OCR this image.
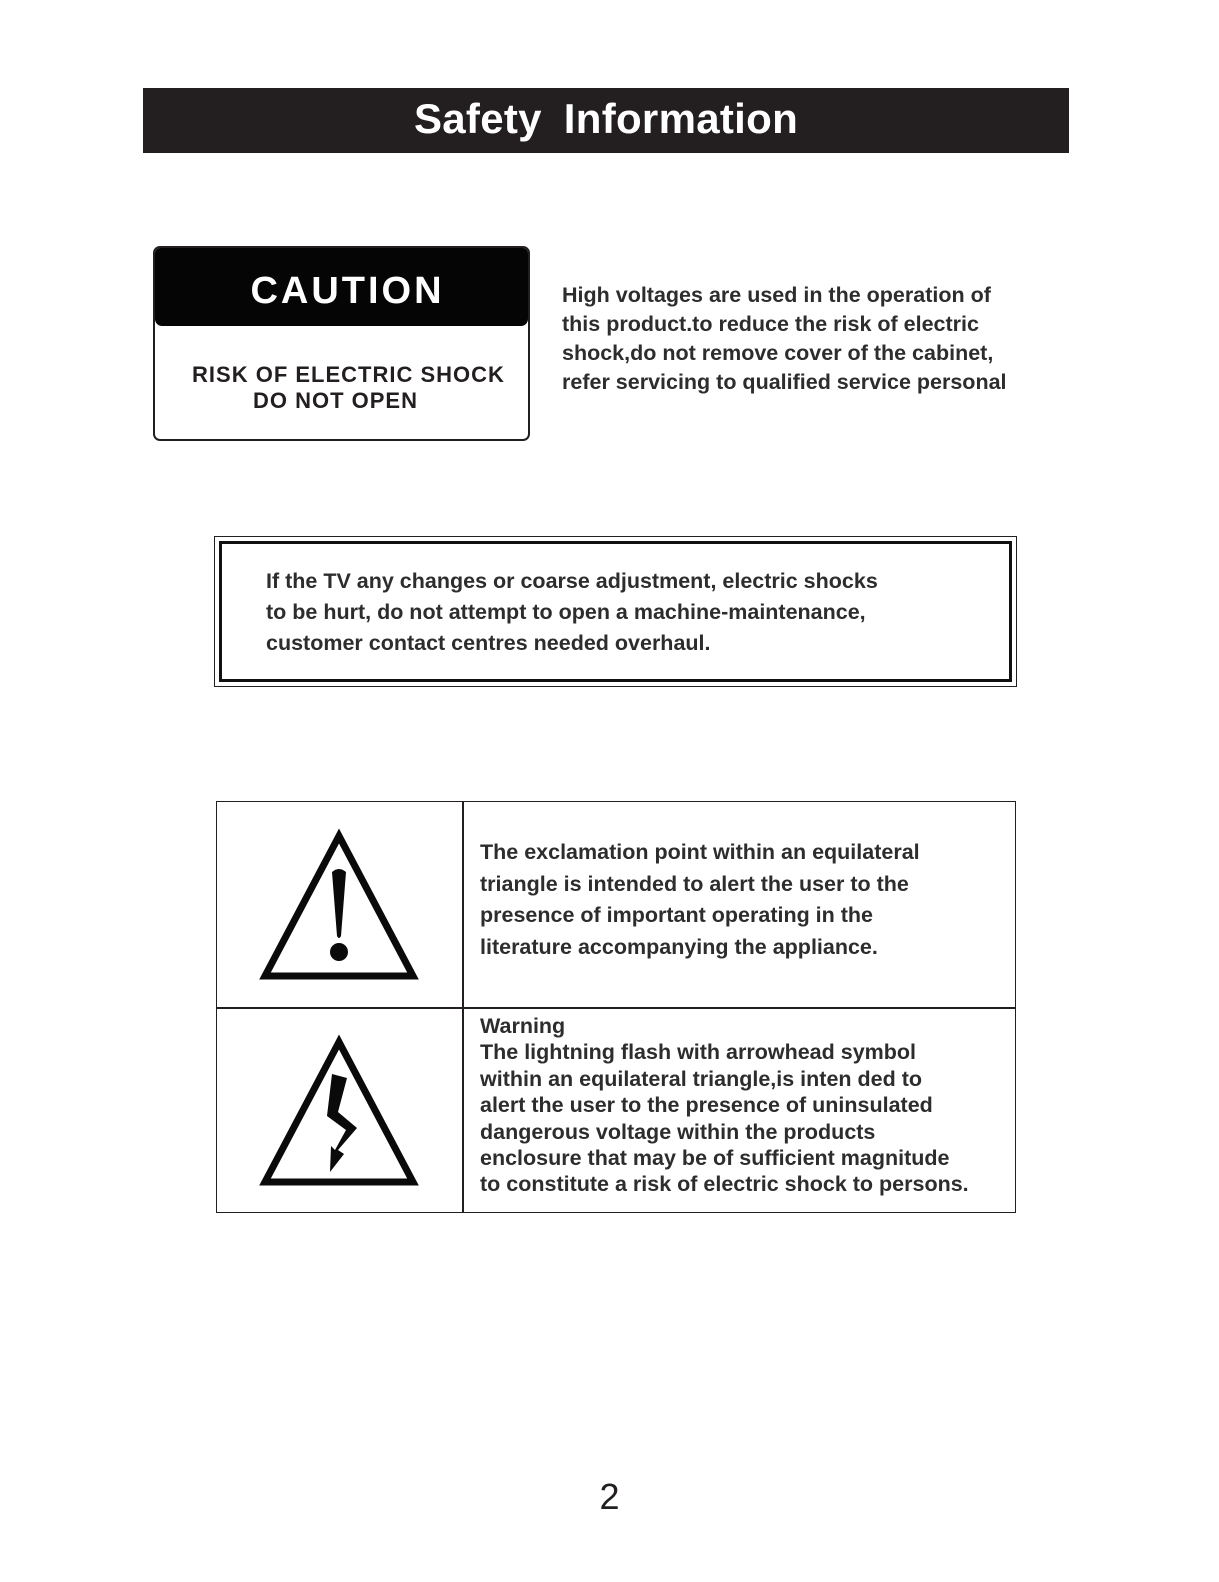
Safety Information
CAUTION
RISK OF ELECTRIC SHOCK
DO NOT OPEN
High voltages are used in the operation of
this product.to reduce the risk of electric
shock,do not remove cover of the cabinet,
refer servicing to qualified service personal
If the TV any changes or coarse adjustment, electric shocks
to be hurt, do not attempt to open a machine-maintenance,
customer contact centres needed overhaul.
The exclamation point within an equilateral
triangle is intended to alert the user to the
presence of important operating in the
literature accompanying the appliance.
Warning
The lightning flash with arrowhead symbol
within an equilateral triangle,is inten ded to
alert the user to the presence of uninsulated
dangerous voltage within the products
enclosure that may be of sufficient magnitude
to constitute a risk of electric shock to persons.
2
